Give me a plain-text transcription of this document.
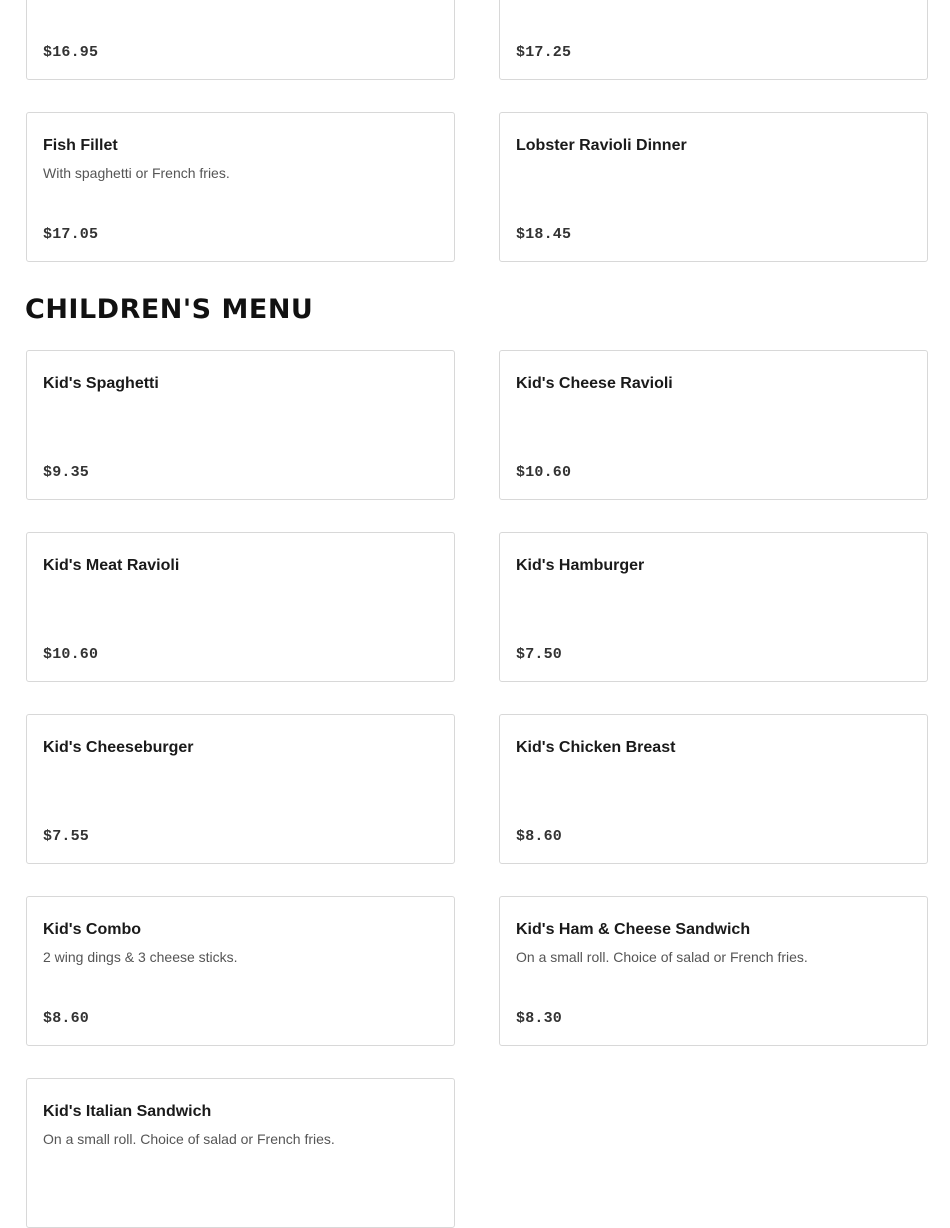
$16.95	$17.25
Fish Fillet
With spaghetti or French fries.
$17.05
Lobster Ravioli Dinner
$18.45
CHILDREN'S MENU
Kid's Spaghetti
$9.35
Kid's Cheese Ravioli
$10.60
Kid's Meat Ravioli
$10.60
Kid's Hamburger
$7.50
Kid's Cheeseburger
$7.55
Kid's Chicken Breast
$8.60
Kid's Combo
2 wing dings & 3 cheese sticks.
$8.60
Kid's Ham & Cheese Sandwich
On a small roll. Choice of salad or French fries.
$8.30
Kid's Italian Sandwich
On a small roll. Choice of salad or French fries.
